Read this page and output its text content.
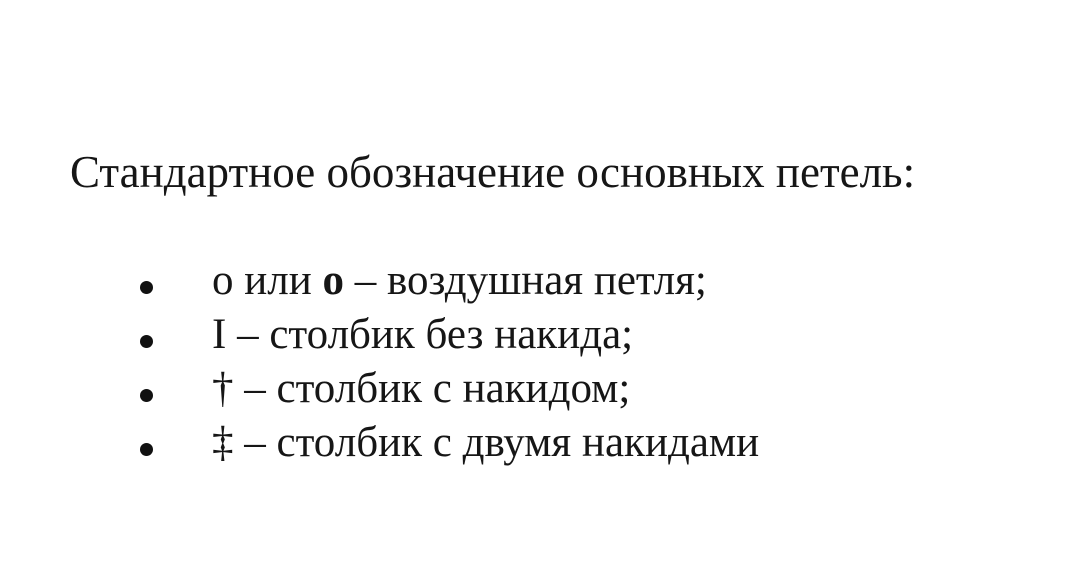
Стандартное обозначение основных петель:
о или о – воздушная петля;
I – столбик без накида;
† – столбик с накидом;
‡ – столбик с двумя накидами
